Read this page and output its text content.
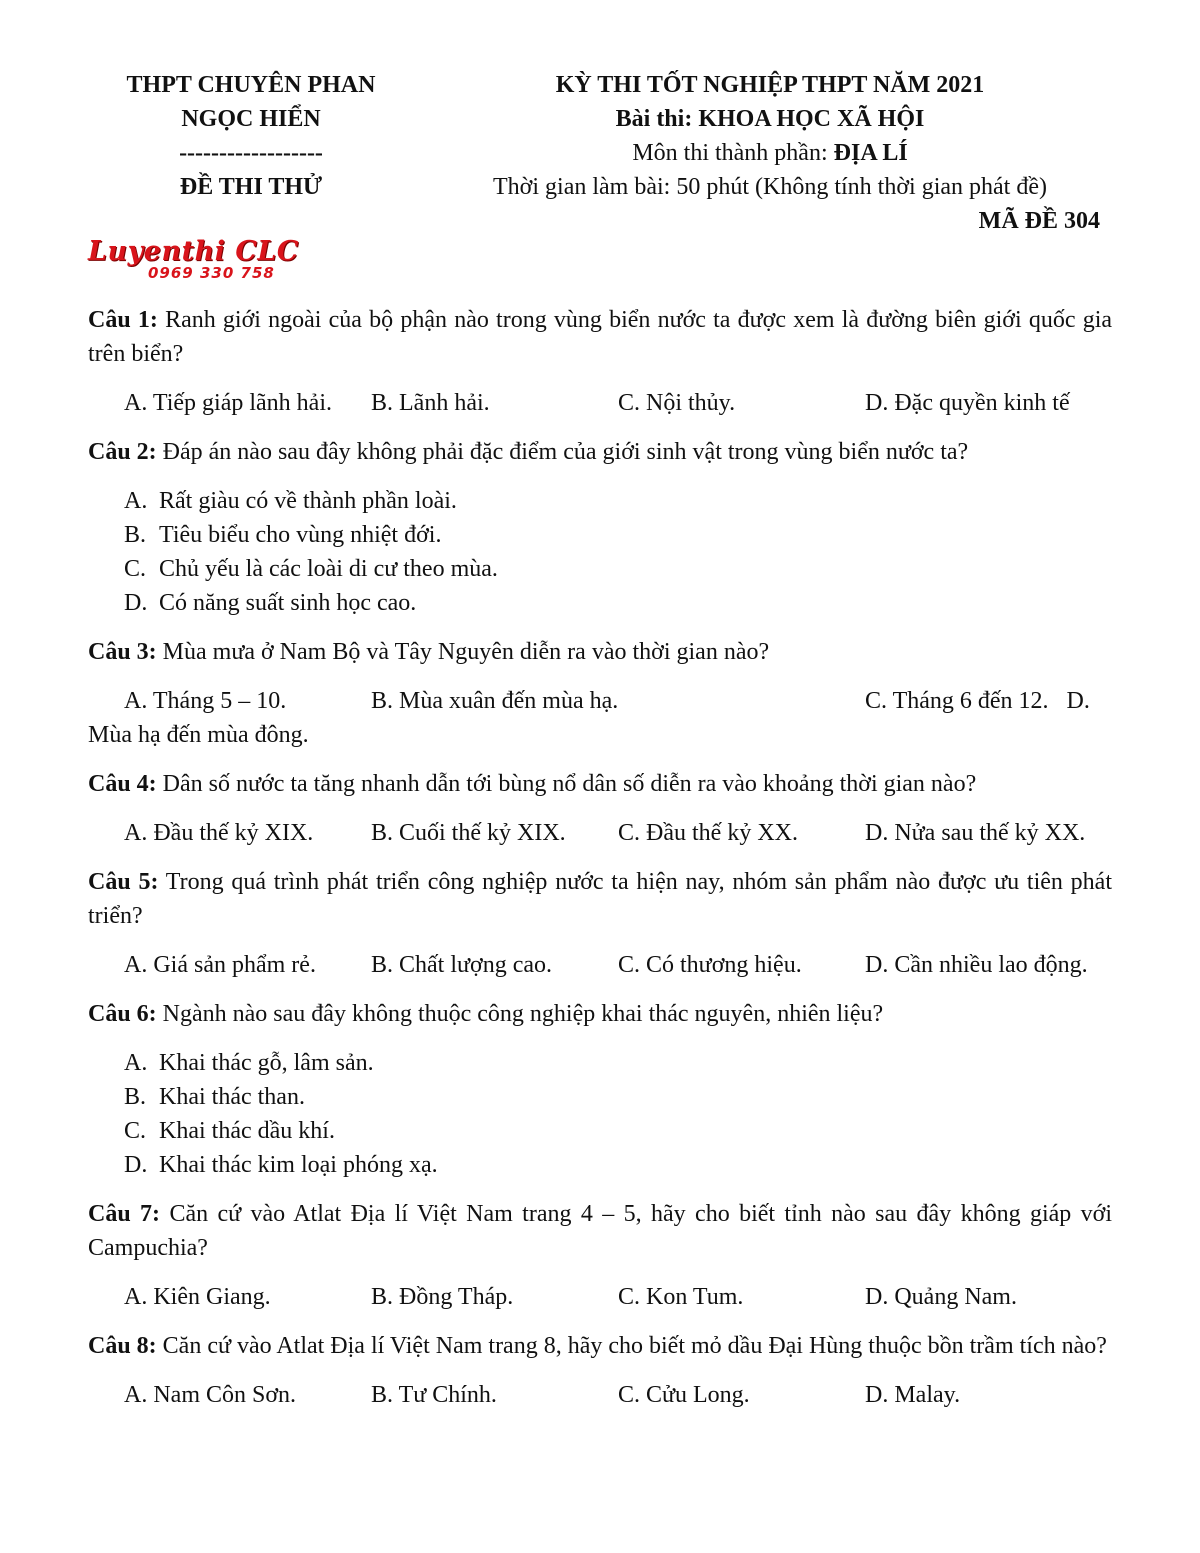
THPT CHUYÊN PHAN
NGỌC HIỂN
------------------
ĐỀ THI THỬ
KỲ THI TỐT NGHIỆP THPT NĂM 2021
Bài thi: KHOA HỌC XÃ HỘI
Môn thi thành phần: ĐỊA LÍ
Thời gian làm bài: 50 phút (Không tính thời gian phát đề)
MÃ ĐỀ 304
Luyenthi CLC
0969 330 758

Câu 1: Ranh giới ngoài của bộ phận nào trong vùng biển nước ta được xem là đường biên giới quốc gia trên biển?

A. Tiếp giáp lãnh hải.	B. Lãnh hải.	C. Nội thủy.	D. Đặc quyền kinh tế

Câu 2: Đáp án nào sau đây không phải đặc điểm của giới sinh vật trong vùng biển nước ta?

A. Rất giàu có về thành phần loài.
B. Tiêu biểu cho vùng nhiệt đới.
C. Chủ yếu là các loài di cư theo mùa.
D. Có năng suất sinh học cao.

Câu 3: Mùa mưa ở Nam Bộ và Tây Nguyên diễn ra vào thời gian nào?

A. Tháng 5 – 10.	B. Mùa xuân đến mùa hạ.	C. Tháng 6 đến 12. D.
Mùa hạ đến mùa đông.

Câu 4: Dân số nước ta tăng nhanh dẫn tới bùng nổ dân số diễn ra vào khoảng thời gian nào?

A. Đầu thế kỷ XIX.	B. Cuối thế kỷ XIX.	C. Đầu thế kỷ XX.	D. Nửa sau thế kỷ XX.

Câu 5: Trong quá trình phát triển công nghiệp nước ta hiện nay, nhóm sản phẩm nào được ưu tiên phát triển?

A. Giá sản phẩm rẻ.	B. Chất lượng cao.	C. Có thương hiệu.	D. Cần nhiều lao động.

Câu 6: Ngành nào sau đây không thuộc công nghiệp khai thác nguyên, nhiên liệu?

A. Khai thác gỗ, lâm sản.
B. Khai thác than.
C. Khai thác dầu khí.
D. Khai thác kim loại phóng xạ.

Câu 7: Căn cứ vào Atlat Địa lí Việt Nam trang 4 – 5, hãy cho biết tỉnh nào sau đây không giáp với Campuchia?

A. Kiên Giang.	B. Đồng Tháp.	C. Kon Tum.	D. Quảng Nam.

Câu 8: Căn cứ vào Atlat Địa lí Việt Nam trang 8, hãy cho biết mỏ dầu Đại Hùng thuộc bồn trầm tích nào?

A. Nam Côn Sơn.	B. Tư Chính.	C. Cửu Long.	D. Malay.
